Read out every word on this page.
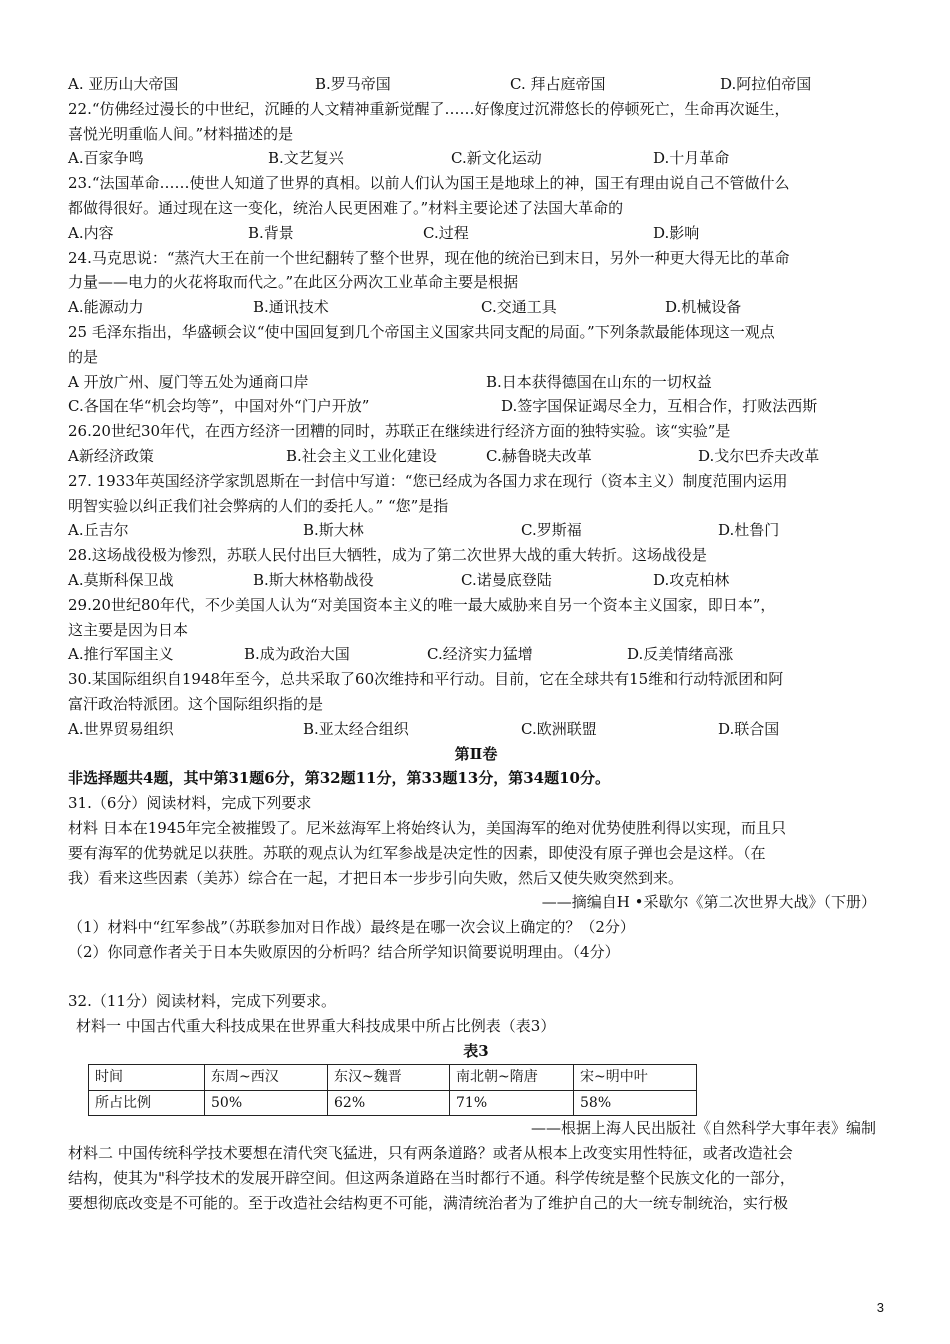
A. 亚历山大帝国	B.罗马帝国	C. 拜占庭帝国	D.阿拉伯帝国
22.“仿佛经过漫长的中世纪，沉睡的人文精神重新觉醒了……好像度过沉滞悠长的停顿死亡，生命再次诞生，
喜悦光明重临人间。”材料描述的是
A.百家争鸣	B.文艺复兴	C.新文化运动	D.十月革命
23.“法国革命……使世人知道了世界的真相。以前人们认为国王是地球上的神，国王有理由说自己不管做什么
都做得很好。通过现在这一变化，统治人民更困难了。”材料主要论述了法国大革命的
A.内容	B.背景	C.过程	D.影响
24.马克思说：“蒸汽大王在前一个世纪翻转了整个世界，现在他的统治已到末日，另外一种更大得无比的革命
力量——电力的火花将取而代之。”在此区分两次工业革命主要是根据
A.能源动力	B.通讯技术	C.交通工具	D.机械设备
25 毛泽东指出，华盛顿会议“使中国回复到几个帝国主义国家共同支配的局面。”下列条款最能体现这一观点
的是
A 开放广州、厦门等五处为通商口岸	B.日本获得德国在山东的一切权益
C.各国在华“机会均等”，中国对外“门户开放”	D.签字国保证竭尽全力，互相合作，打败法西斯
26.20世纪30年代，在西方经济一团糟的同时，苏联正在继续进行经济方面的独特实验。该“实验”是
A新经济政策	B.社会主义工业化建设	C.赫鲁晓夫改革	D.戈尔巴乔夫改革
27. 1933年英国经济学家凯恩斯在一封信中写道：“您已经成为各国力求在现行（资本主义）制度范围内运用
明智实验以纠正我们社会弊病的人们的委托人。” “您”是指
A.丘吉尔	B.斯大林	C.罗斯福	D.杜鲁门
28.这场战役极为惨烈，苏联人民付出巨大牺牲，成为了第二次世界大战的重大转折。这场战役是
A.莫斯科保卫战	B.斯大林格勒战役	C.诺曼底登陆	D.攻克柏林
29.20世纪80年代，不少美国人认为“对美国资本主义的唯一最大威胁来自另一个资本主义国家，即日本”，
这主要是因为日本
A.推行军国主义	B.成为政治大国	C.经济实力猛增	D.反美情绪高涨
30.某国际组织自1948年至今，总共采取了60次维持和平行动。目前，它在全球共有15维和行动特派团和阿
富汗政治特派团。这个国际组织指的是
A.世界贸易组织	B.亚太经合组织	C.欧洲联盟	D.联合国
第Ⅱ卷
非选择题共4题，其中第31题6分，第32题11分，第33题13分，第34题10分。
31.（6分）阅读材料，完成下列要求
材料 日本在1945年完全被摧毁了。尼米兹海军上将始终认为，美国海军的绝对优势使胜利得以实现，而且只
要有海军的优势就足以获胜。苏联的观点认为红军参战是决定性的因素，即使没有原子弹也会是这样。（在
我）看来这些因素（美苏）综合在一起，才把日本一步步引向失败，然后又使失败突然到来。
——摘编自H •采歇尔《第二次世界大战》（下册）
（1）材料中“红军参战”（苏联参加对日作战）最终是在哪一次会议上确定的？（2分）
（2）你同意作者关于日本失败原因的分析吗？结合所学知识简要说明理由。（4分）
32.（11分）阅读材料，完成下列要求。
材料一 中国古代重大科技成果在世界重大科技成果中所占比例表（表3）
表3
时间	东周~西汉	东汉~魏晋	南北朝~隋唐	宋~明中叶
所占比例	50%	62%	71%	58%
——根据上海人民出版社《自然科学大事年表》编制
材料二 中国传统科学技术要想在清代突飞猛进，只有两条道路？或者从根本上改变实用性特征，或者改造社会
结构，使其为"科学技术的发展开辟空间。但这两条道路在当时都行不通。科学传统是整个民族文化的一部分，
要想彻底改变是不可能的。至于改造社会结构更不可能，满清统治者为了维护自己的大一统专制统治，实行极
3
